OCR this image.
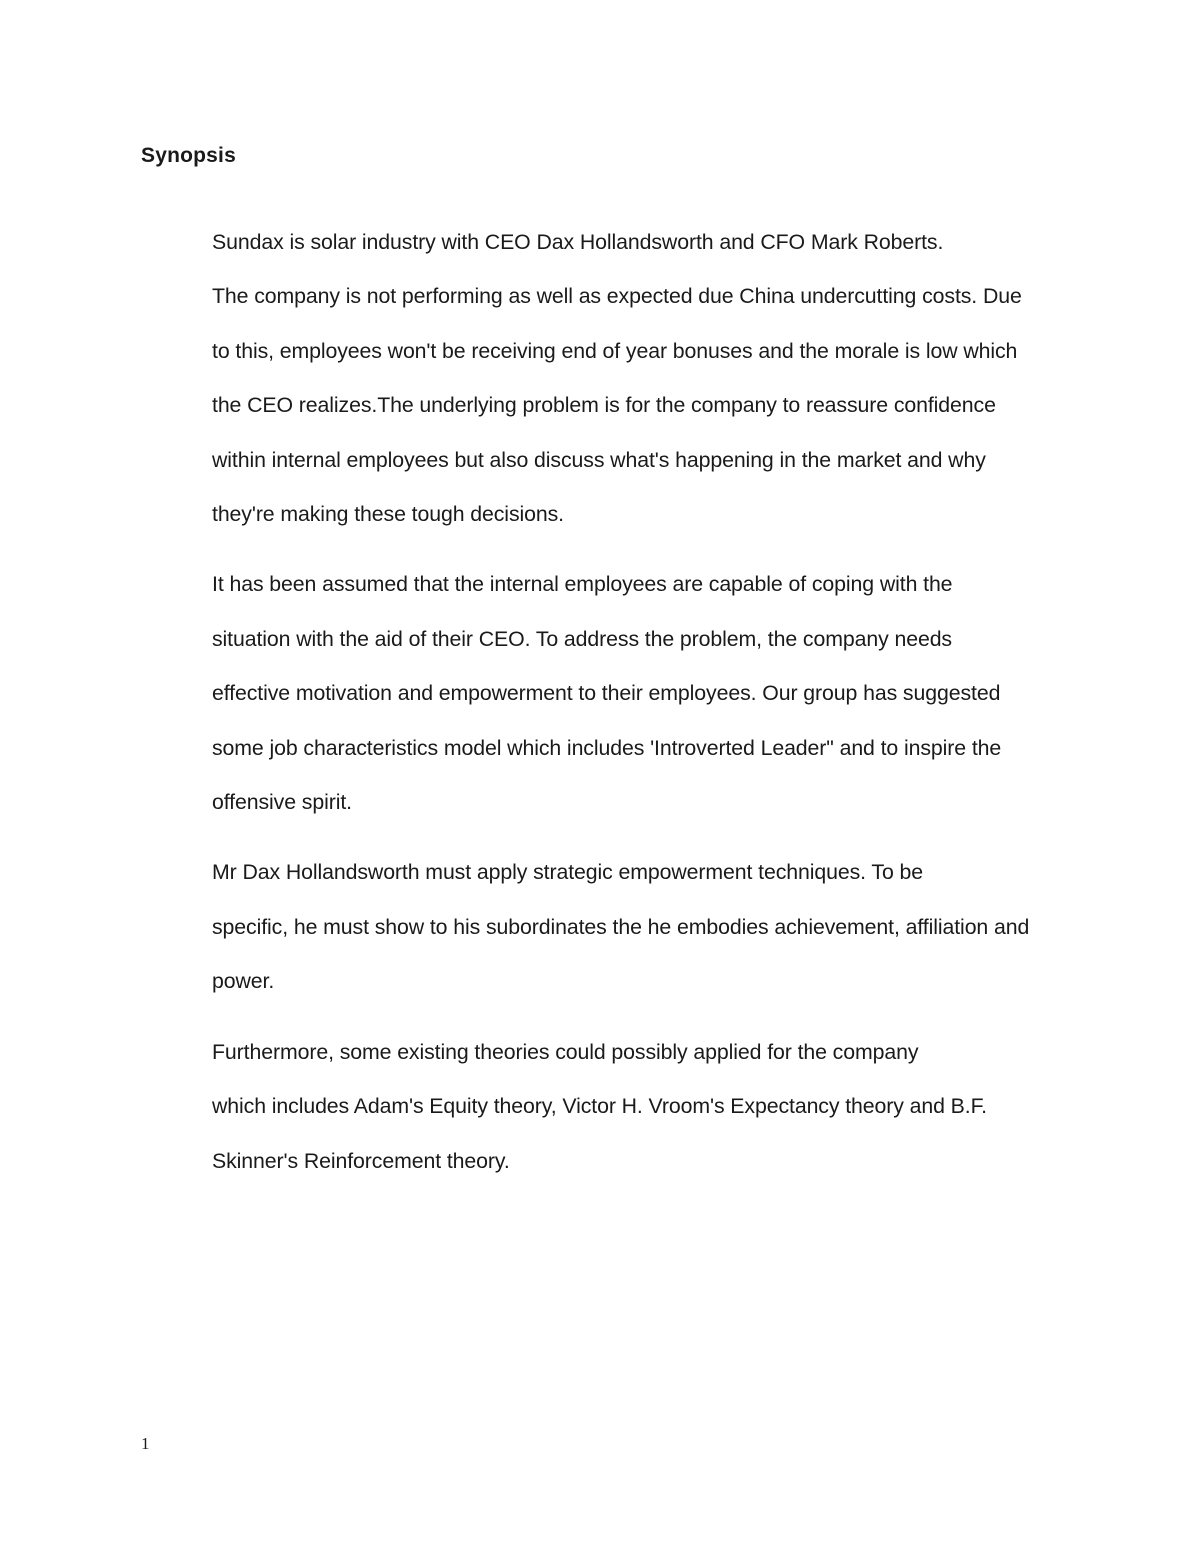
Synopsis

Sundax is solar industry with CEO Dax Hollandsworth and CFO Mark Roberts.
The company is not performing as well as expected due China undercutting costs. Due
to this, employees won't be receiving end of year bonuses and the morale is low which
the CEO realizes.The underlying problem is for the company to reassure confidence
within internal employees but also discuss what's happening in the market and why
they're making these tough decisions.

It has been assumed that the internal employees are capable of coping with the
situation with the aid of their CEO. To address the problem, the company needs
effective motivation and empowerment to their employees. Our group has suggested
some job characteristics model which includes 'Introverted Leader" and to inspire the
offensive spirit.

Mr Dax Hollandsworth must apply strategic empowerment techniques. To be
specific, he must show to his subordinates the he embodies achievement, affiliation and
power.

Furthermore, some existing theories could possibly applied for the company
which includes Adam's Equity theory, Victor H. Vroom's Expectancy theory and B.F.
Skinner's Reinforcement theory.

1
